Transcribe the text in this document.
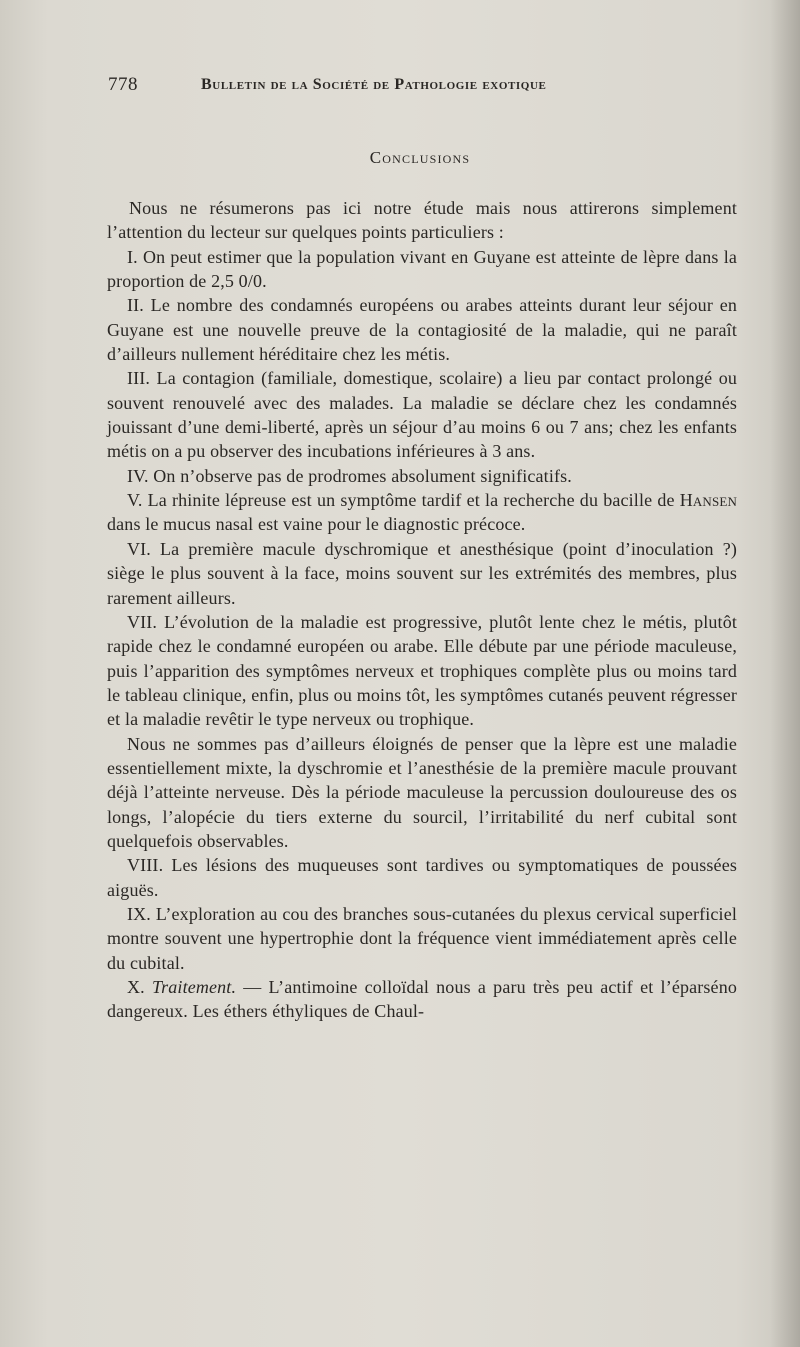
778	Bulletin de la Société de Pathologie exotique
Conclusions

Nous ne résumerons pas ici notre étude mais nous attirerons simplement l’attention du lecteur sur quelques points particuliers :

I. On peut estimer que la population vivant en Guyane est atteinte de lèpre dans la proportion de 2,5 0/0.

II. Le nombre des condamnés européens ou arabes atteints durant leur séjour en Guyane est une nouvelle preuve de la contagiosité de la maladie, qui ne paraît d’ailleurs nullement héréditaire chez les métis.

III. La contagion (familiale, domestique, scolaire) a lieu par contact prolongé ou souvent renouvelé avec des malades. La maladie se déclare chez les condamnés jouissant d’une demi-liberté, après un séjour d’au moins 6 ou 7 ans; chez les enfants métis on a pu observer des incubations inférieures à 3 ans.

IV. On n’observe pas de prodromes absolument significatifs.

V. La rhinite lépreuse est un symptôme tardif et la recherche du bacille de Hansen dans le mucus nasal est vaine pour le diagnostic précoce.

VI. La première macule dyschromique et anesthésique (point d’inoculation ?) siège le plus souvent à la face, moins souvent sur les extrémités des membres, plus rarement ailleurs.

VII. L’évolution de la maladie est progressive, plutôt lente chez le métis, plutôt rapide chez le condamné européen ou arabe. Elle débute par une période maculeuse, puis l’apparition des symptômes nerveux et trophiques complète plus ou moins tard le tableau clinique, enfin, plus ou moins tôt, les symptômes cutanés peuvent régresser et la maladie revêtir le type nerveux ou trophique.

Nous ne sommes pas d’ailleurs éloignés de penser que la lèpre est une maladie essentiellement mixte, la dyschromie et l’anesthésie de la première macule prouvant déjà l’atteinte nerveuse. Dès la période maculeuse la percussion douloureuse des os longs, l’alopécie du tiers externe du sourcil, l’irritabilité du nerf cubital sont quelquefois observables.

VIII. Les lésions des muqueuses sont tardives ou symptomatiques de poussées aiguës.

IX. L’exploration au cou des branches sous-cutanées du plexus cervical superficiel montre souvent une hypertrophie dont la fréquence vient immédiatement après celle du cubital.

X. Traitement. — L’antimoine colloïdal nous a paru très peu actif et l’éparséno dangereux. Les éthers éthyliques de Chaul-
